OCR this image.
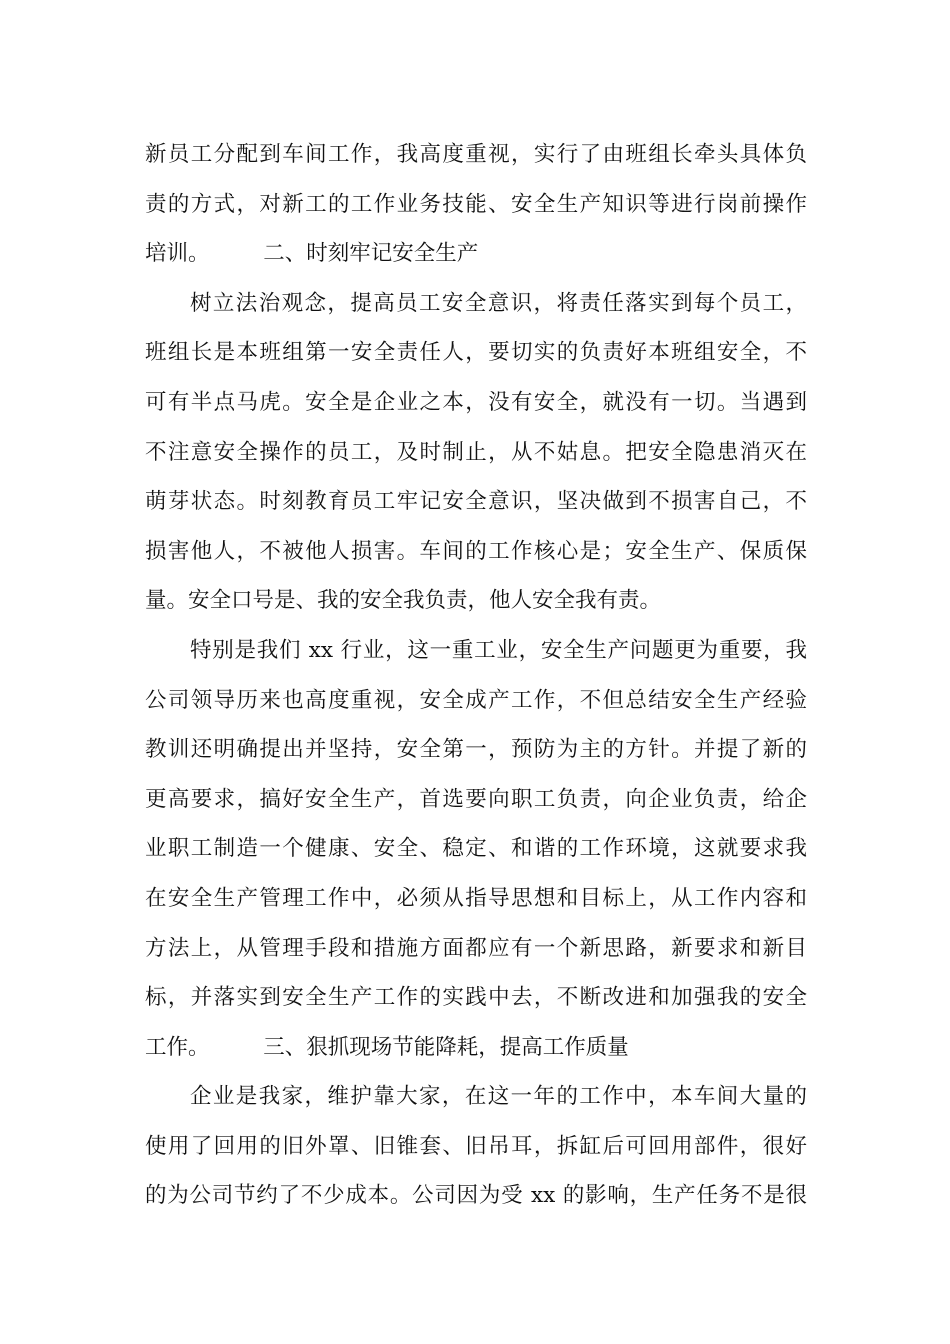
新员工分配到车间工作，我高度重视，实行了由班组长牵头具体负
责的方式，对新工的工作业务技能、安全生产知识等进行岗前操作
培训。　　　二、时刻牢记安全生产
树立法治观念，提高员工安全意识，将责任落实到每个员工，
班组长是本班组第一安全责任人，要切实的负责好本班组安全，不
可有半点马虎。安全是企业之本，没有安全，就没有一切。当遇到
不注意安全操作的员工，及时制止，从不姑息。把安全隐患消灭在
萌芽状态。时刻教育员工牢记安全意识，坚决做到不损害自己，不
损害他人，不被他人损害。车间的工作核心是；安全生产、保质保
量。安全口号是、我的安全我负责，他人安全我有责。
特别是我们 xx 行业，这一重工业，安全生产问题更为重要，我
公司领导历来也高度重视，安全成产工作，不但总结安全生产经验
教训还明确提出并坚持，安全第一，预防为主的方针。并提了新的
更高要求，搞好安全生产，首选要向职工负责，向企业负责，给企
业职工制造一个健康、安全、稳定、和谐的工作环境，这就要求我
在安全生产管理工作中，必须从指导思想和目标上，从工作内容和
方法上，从管理手段和措施方面都应有一个新思路，新要求和新目
标，并落实到安全生产工作的实践中去，不断改进和加强我的安全
工作。　　　三、狠抓现场节能降耗，提高工作质量
企业是我家，维护靠大家，在这一年的工作中，本车间大量的
使用了回用的旧外罩、旧锥套、旧吊耳，拆缸后可回用部件，很好
的为公司节约了不少成本。公司因为受 xx 的影响，生产任务不是很
